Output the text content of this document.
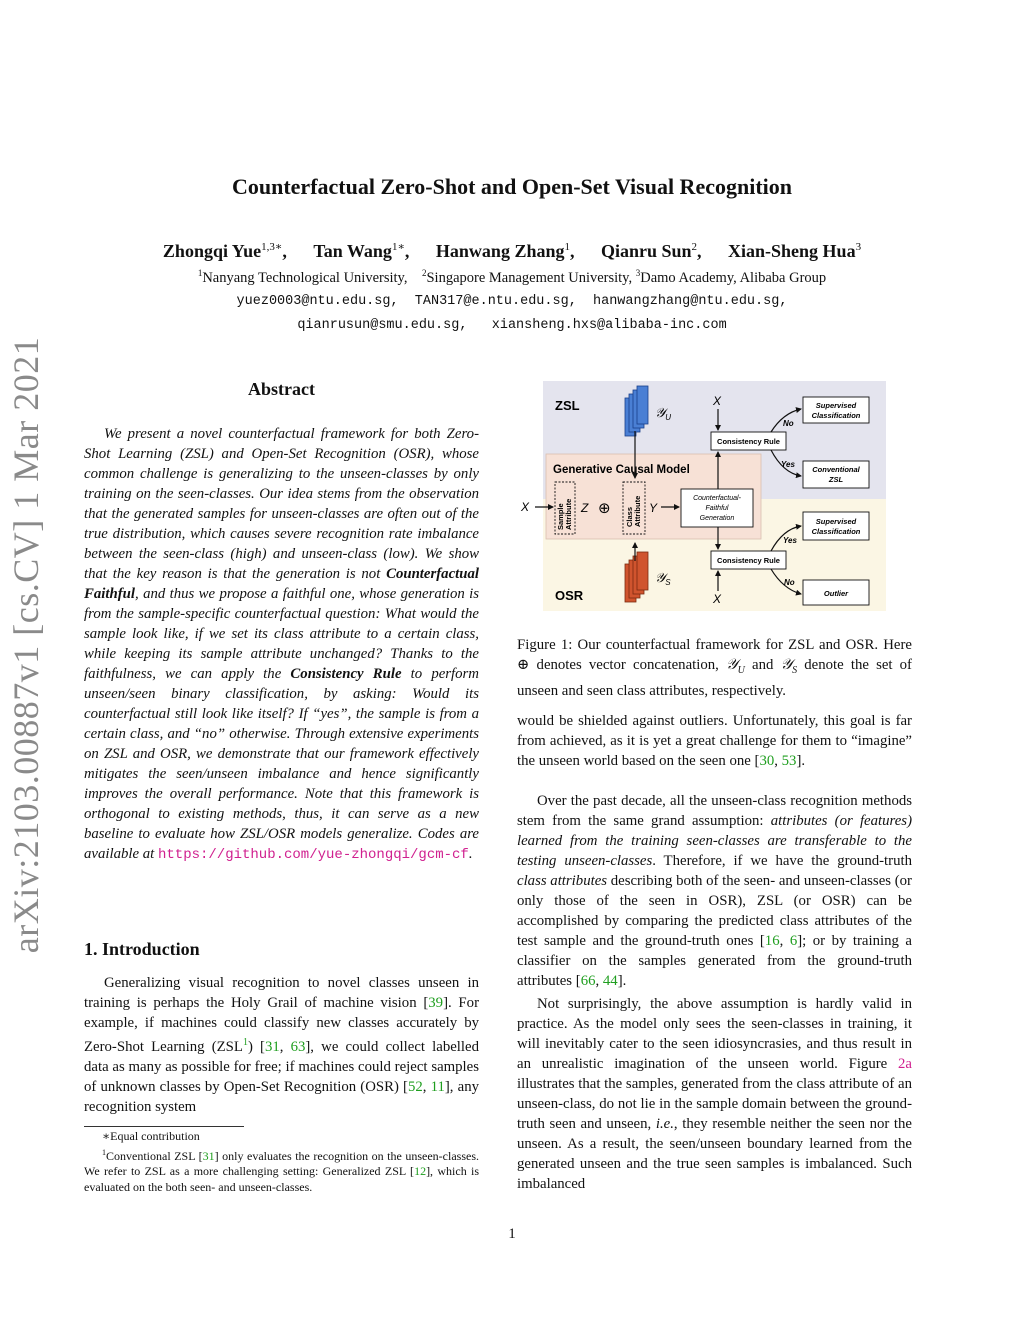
arXiv:2103.00887v1 [cs.CV] 1 Mar 2021
Counterfactual Zero-Shot and Open-Set Visual Recognition
Zhongqi Yue$^{1,3∗}$, Tan Wang$^{1∗}$, Hanwang Zhang$^1$, Qianru Sun$^2$, Xian-Sheng Hua$^3$
$^1$Nanyang Technological University, $^2$Singapore Management University, $^3$Damo Academy, Alibaba Group
yuez0003@ntu.edu.sg,  TAN317@e.ntu.edu.sg,  hanwangzhang@ntu.edu.sg,
qianrusun@smu.edu.sg,   xiansheng.hxs@alibaba-inc.com
Abstract

We present a novel counterfactual framework for both Zero-Shot Learning (ZSL) and Open-Set Recognition (OSR), whose common challenge is generalizing to the unseen-classes by only training on the seen-classes. Our idea stems from the observation that the generated samples for unseen-classes are often out of the true distribution, which causes severe recognition rate imbalance between the seen-class (high) and unseen-class (low). We show that the key reason is that the generation is not Counterfactual Faithful, and thus we propose a faithful one, whose generation is from the sample-specific counterfactual question: What would the sample look like, if we set its class attribute to a certain class, while keeping its sample attribute unchanged? Thanks to the faithfulness, we can apply the Consistency Rule to perform unseen/seen binary classification, by asking: Would its counterfactual still look like itself? If “yes”, the sample is from a certain class, and “no” otherwise. Through extensive experiments on ZSL and OSR, we demonstrate that our framework effectively mitigates the seen/unseen imbalance and hence significantly improves the overall performance. Note that this framework is orthogonal to existing methods, thus, it can serve as a new baseline to evaluate how ZSL/OSR models generalize. Codes are available at https://github.com/yue-zhongqi/gcm-cf.

1. Introduction

Generalizing visual recognition to novel classes unseen in training is perhaps the Holy Grail of machine vision [39]. For example, if machines could classify new classes accurately by Zero-Shot Learning (ZSL$^1$) [31, 63], we could collect labelled data as many as possible for free; if machines could reject samples of unknown classes by Open-Set Recognition (OSR) [52, 11], any recognition system

∗Equal contribution

$^1$Conventional ZSL [31] only evaluates the recognition on the unseen-classes. We refer to ZSL as a more challenging setting: Generalized ZSL [12], which is evaluated on the both seen- and unseen-classes.

ZSL
OSR
Generative Causal Model
𝒴$_U$
𝒴$_S$
X	SampleAttribute Z ⊕ ClassAttribute Y
Counterfactual-Faithful Generation
X
Consistency Rule
Consistency Rule
X
No
Yes
Supervised Classification
Conventional ZSL
Yes
No
Supervised Classification
Outlier

Figure 1: Our counterfactual framework for ZSL and OSR. Here ⊕ denotes vector concatenation, 𝒴$_U$ and 𝒴$_S$ denote the set of unseen and seen class attributes, respectively.

would be shielded against outliers. Unfortunately, this goal is far from achieved, as it is yet a great challenge for them to “imagine” the unseen world based on the seen one [30, 53].

Over the past decade, all the unseen-class recognition methods stem from the same grand assumption: attributes (or features) learned from the training seen-classes are transferable to the testing unseen-classes. Therefore, if we have the ground-truth class attributes describing both of the seen- and unseen-classes (or only those of the seen in OSR), ZSL (or OSR) can be accomplished by comparing the predicted class attributes of the test sample and the ground-truth ones [16, 6]; or by training a classifier on the samples generated from the ground-truth attributes [66, 44].

Not surprisingly, the above assumption is hardly valid in practice. As the model only sees the seen-classes in training, it will inevitably cater to the seen idiosyncrasies, and thus result in an unrealistic imagination of the unseen world. Figure 2a illustrates that the samples, generated from the class attribute of an unseen-class, do not lie in the sample domain between the ground-truth seen and unseen, i.e., they resemble neither the seen nor the unseen. As a result, the seen/unseen boundary learned from the generated unseen and the true seen samples is imbalanced. Such imbalanced

1
